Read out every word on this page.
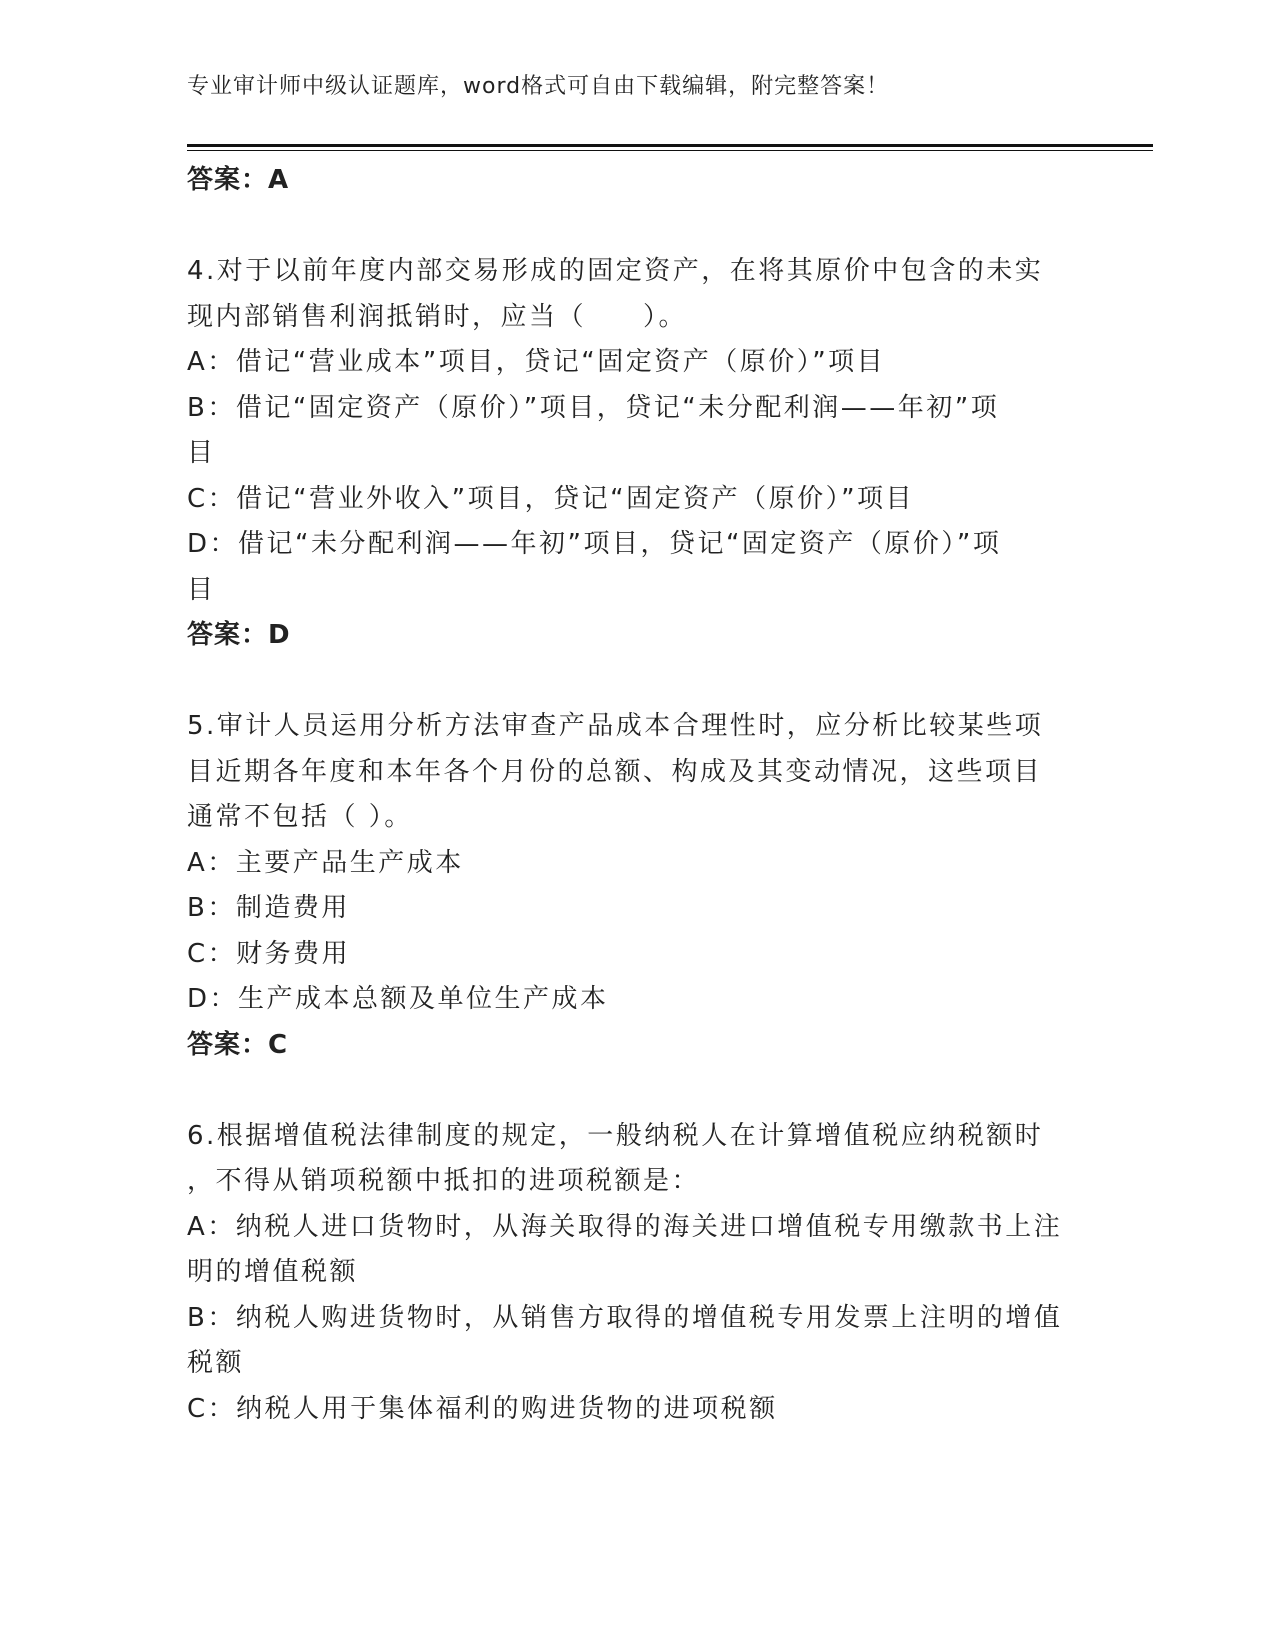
专业审计师中级认证题库，word格式可自由下载编辑，附完整答案！
答案：A
4.对于以前年度内部交易形成的固定资产，在将其原价中包含的未实
现内部销售利润抵销时，应当（　　）。
A：借记“营业成本”项目，贷记“固定资产（原价）”项目
B：借记“固定资产（原价）”项目，贷记“未分配利润——年初”项
目
C：借记“营业外收入”项目，贷记“固定资产（原价）”项目
D：借记“未分配利润——年初”项目，贷记“固定资产（原价）”项
目
答案：D
5.审计人员运用分析方法审查产品成本合理性时，应分析比较某些项
目近期各年度和本年各个月份的总额、构成及其变动情况，这些项目
通常不包括（ ）。
A：主要产品生产成本
B：制造费用
C：财务费用
D：生产成本总额及单位生产成本
答案：C
6.根据增值税法律制度的规定，一般纳税人在计算增值税应纳税额时
，不得从销项税额中抵扣的进项税额是：
A：纳税人进口货物时，从海关取得的海关进口增值税专用缴款书上注
明的增值税额
B：纳税人购进货物时，从销售方取得的增值税专用发票上注明的增值
税额
C：纳税人用于集体福利的购进货物的进项税额
